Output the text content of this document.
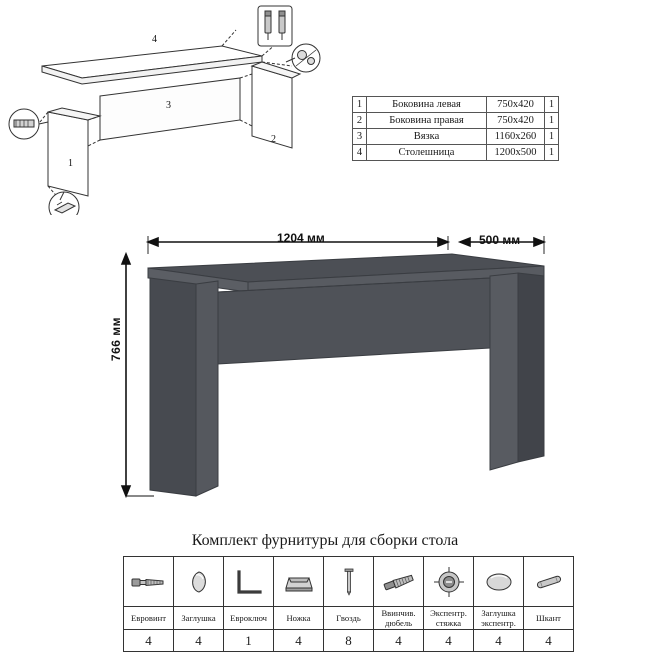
4
3
1
2
1	Боковина левая	750х420	1
2	Боковина правая	750х420	1
3	Вязка	1160х260	1
4	Столешница	1200х500	1
1204 мм	500 мм
766 мм
Комплект фурнитуры для сборки стола

Евровинт	Заглушка	Евроключ	Ножка	Гвоздь	Ввинчив. дюбель	Экспентр. стяжка	Заглушка экспентр.	Шкант
4	4	1	4	8	4	4	4	4
